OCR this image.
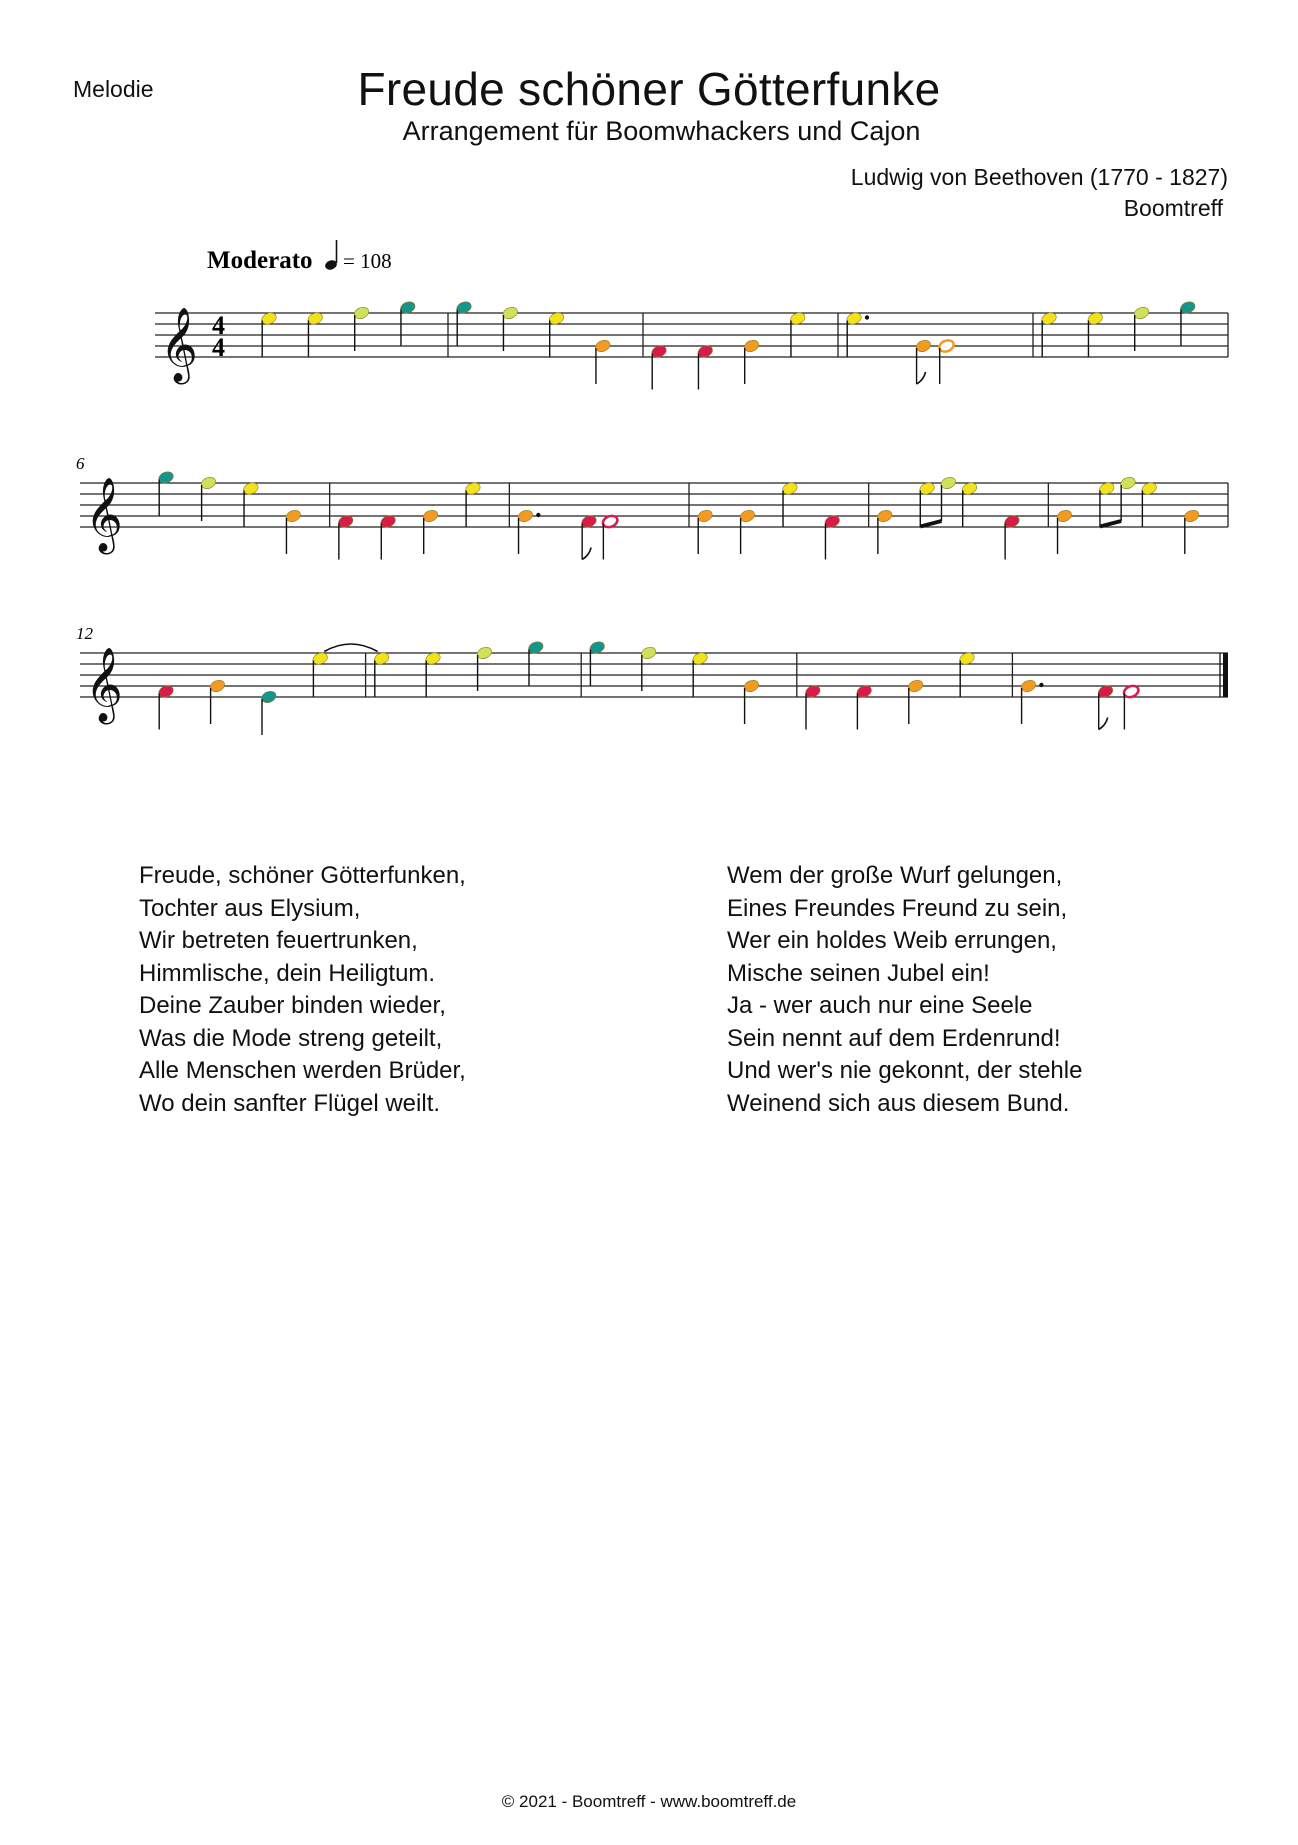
Melodie	Freude schöner Götterfunke
Arrangement für Boomwhackers und Cajon
Ludwig von Beethoven (1770 - 1827)
Boomtreff
Moderato = 108
𝄞 4
4
𝄞
6
𝄞
12
Freude, schöner Götterfunken,
Tochter aus Elysium,
Wir betreten feuertrunken,
Himmlische, dein Heiligtum.
Deine Zauber binden wieder,
Was die Mode streng geteilt,
Alle Menschen werden Brüder,
Wo dein sanfter Flügel weilt.
Wem der große Wurf gelungen,
Eines Freundes Freund zu sein,
Wer ein holdes Weib errungen,
Mische seinen Jubel ein!
Ja - wer auch nur eine Seele
Sein nennt auf dem Erdenrund!
Und wer's nie gekonnt, der stehle
Weinend sich aus diesem Bund.
© 2021 - Boomtreff - www.boomtreff.de
